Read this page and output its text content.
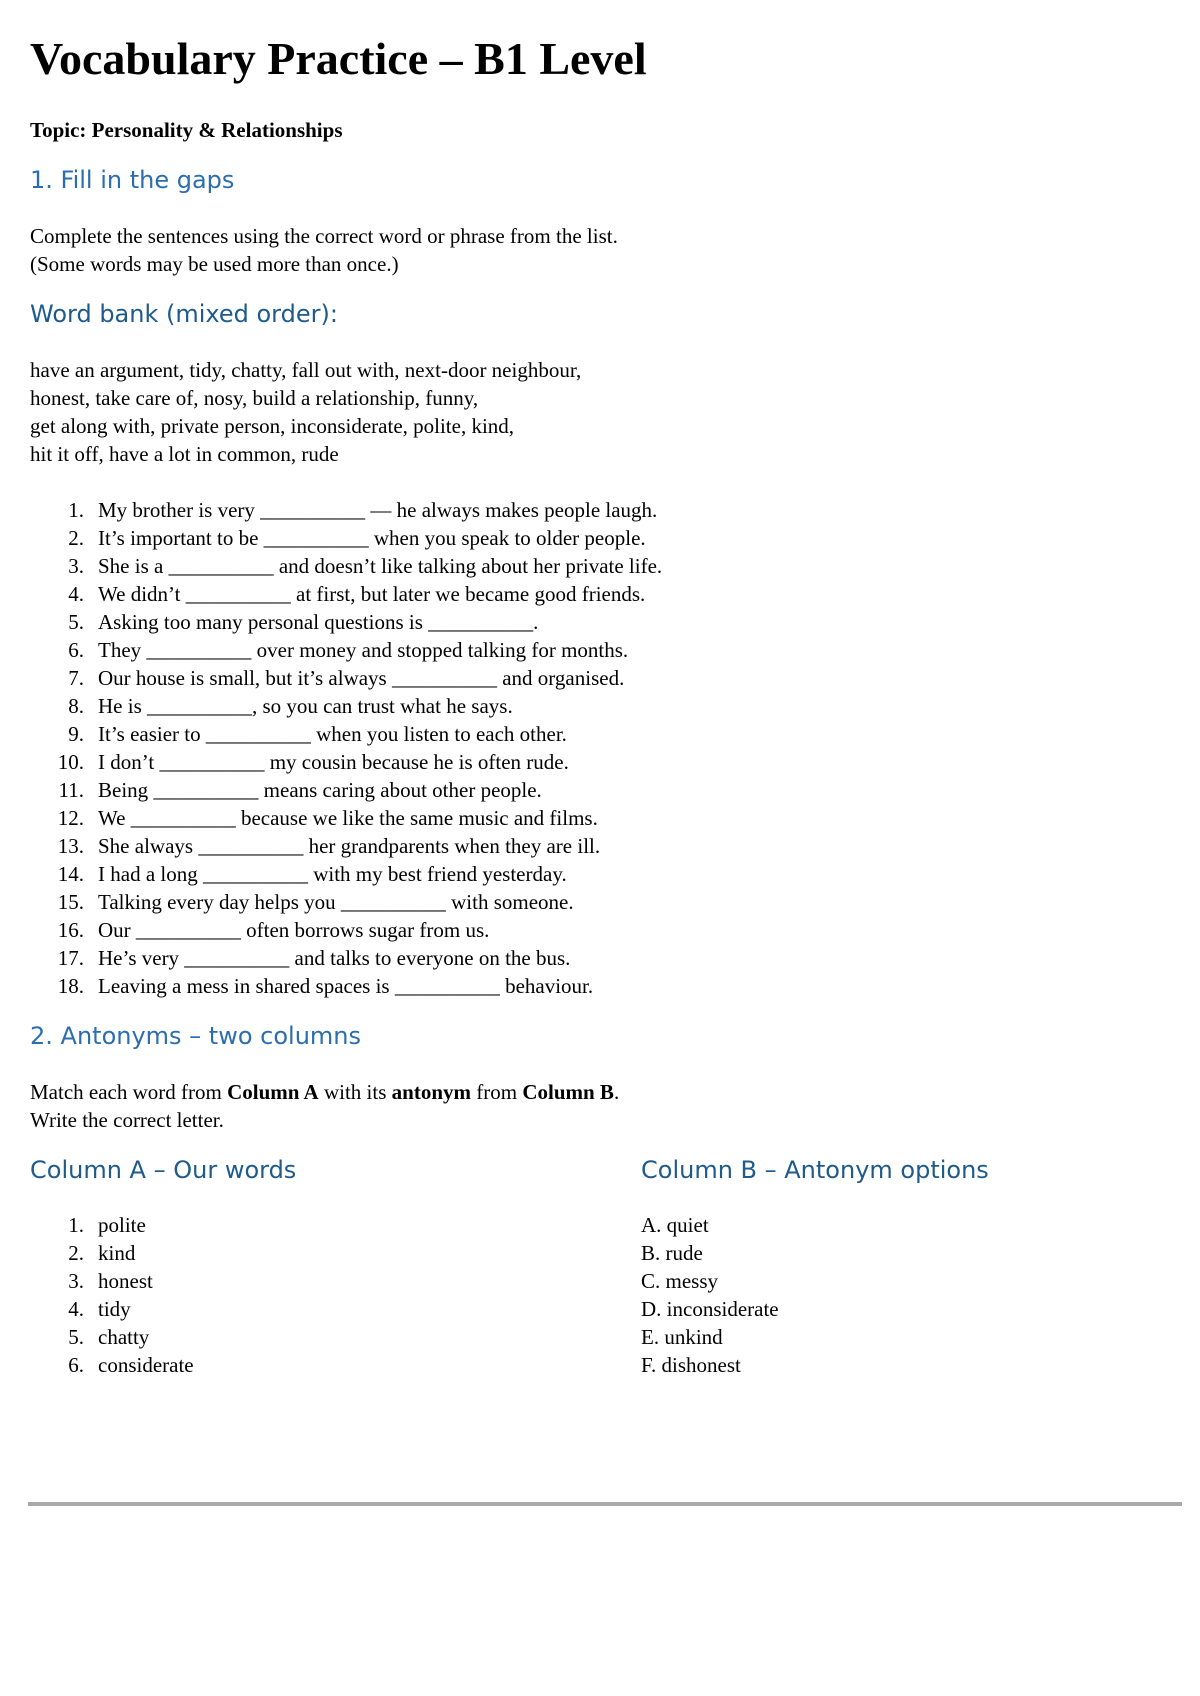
Vocabulary Practice – B1 Level
Topic: Personality & Relationships
1. Fill in the gaps
Complete the sentences using the correct word or phrase from the list.
(Some words may be used more than once.)
Word bank (mixed order):
have an argument, tidy, chatty, fall out with, next-door neighbour,
honest, take care of, nosy, build a relationship, funny,
get along with, private person, inconsiderate, polite, kind,
hit it off, have a lot in common, rude
1. My brother is very __________ — he always makes people laugh.
2. It’s important to be __________ when you speak to older people.
3. She is a __________ and doesn’t like talking about her private life.
4. We didn’t __________ at first, but later we became good friends.
5. Asking too many personal questions is __________.
6. They __________ over money and stopped talking for months.
7. Our house is small, but it’s always __________ and organised.
8. He is __________, so you can trust what he says.
9. It’s easier to __________ when you listen to each other.
10. I don’t __________ my cousin because he is often rude.
11. Being __________ means caring about other people.
12. We __________ because we like the same music and films.
13. She always __________ her grandparents when they are ill.
14. I had a long __________ with my best friend yesterday.
15. Talking every day helps you __________ with someone.
16. Our __________ often borrows sugar from us.
17. He’s very __________ and talks to everyone on the bus.
18. Leaving a mess in shared spaces is __________ behaviour.
2. Antonyms – two columns
Match each word from Column A with its antonym from Column B.
Write the correct letter.
Column A – Our words
1. polite
2. kind
3. honest
4. tidy
5. chatty
6. considerate
Column B – Antonym options
A. quiet
B. rude
C. messy
D. inconsiderate
E. unkind
F. dishonest
